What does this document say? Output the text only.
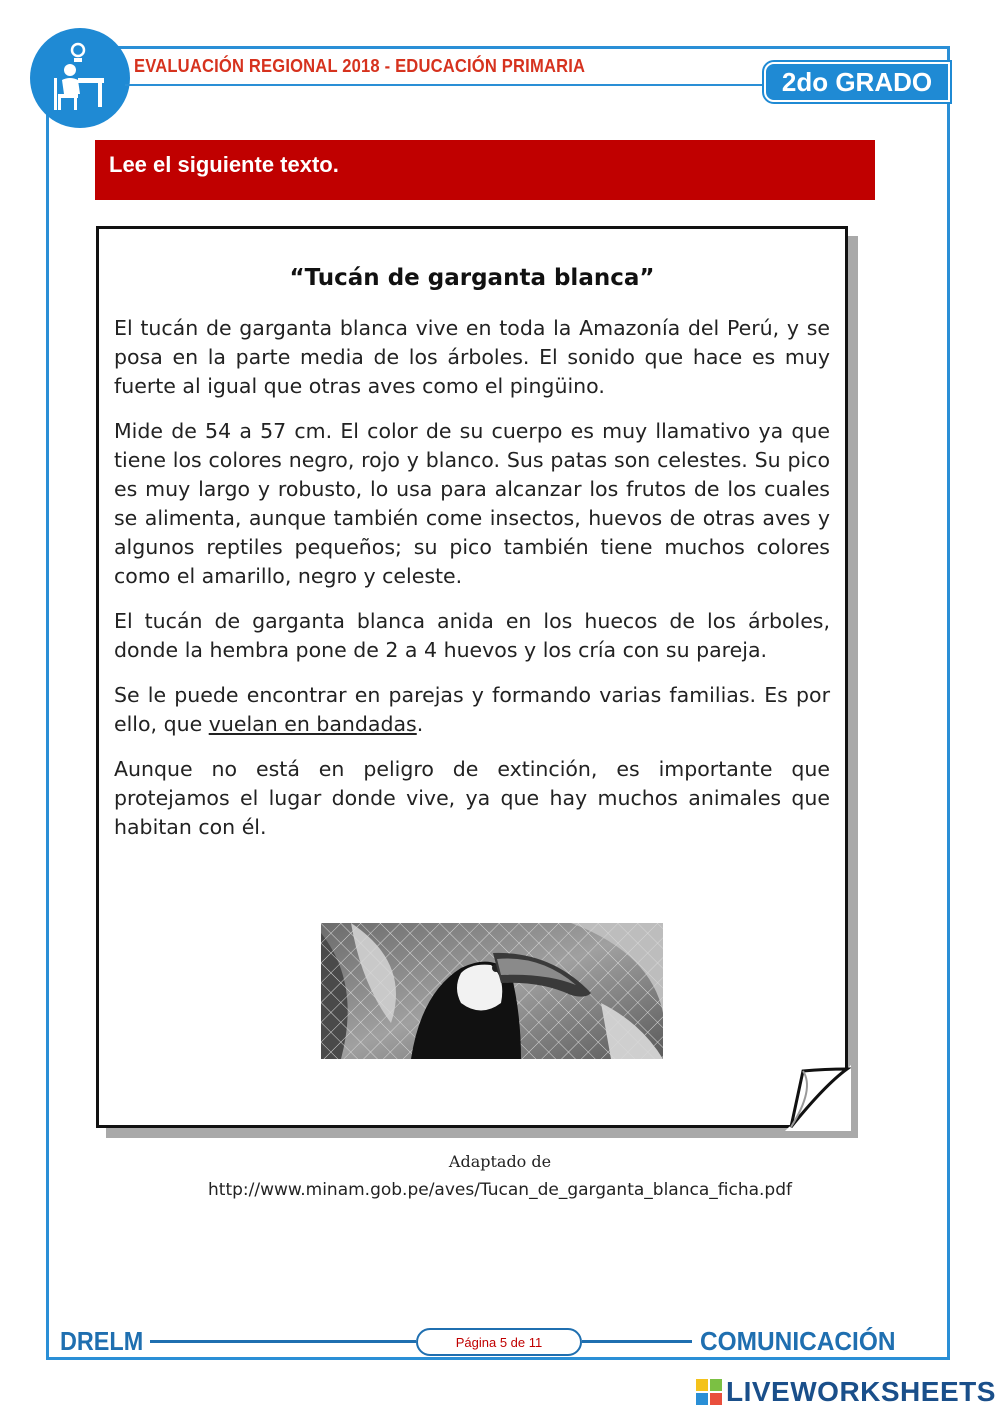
EVALUACIÓN REGIONAL 2018 - EDUCACIÓN PRIMARIA
2do GRADO
Lee el siguiente texto.
“Tucán de garganta blanca”

El tucán de garganta blanca vive en toda la Amazonía del Perú, y se posa en la parte media de los árboles. El sonido que hace es muy fuerte al igual que otras aves como el pingüino.

Mide de 54 a 57 cm. El color de su cuerpo es muy llamativo ya que tiene los colores negro, rojo y blanco. Sus patas son celestes. Su pico es muy largo y robusto, lo usa para alcanzar los frutos de los cuales se alimenta, aunque también come insectos, huevos de otras aves y algunos reptiles pequeños; su pico también tiene muchos colores como el amarillo, negro y celeste.

El tucán de garganta blanca anida en los huecos de los árboles, donde la hembra pone de 2 a 4 huevos y los cría con su pareja.

Se le puede encontrar en parejas y formando varias familias. Es por ello, que vuelan en bandadas.

Aunque no está en peligro de extinción, es importante que protejamos el lugar donde vive, ya que hay muchos animales que habitan con él.

Adaptado de
http://www.minam.gob.pe/aves/Tucan_de_garganta_blanca_ficha.pdf
DRELM	Página 5 de 11	COMUNICACIÓN
LIVEWORKSHEETS
